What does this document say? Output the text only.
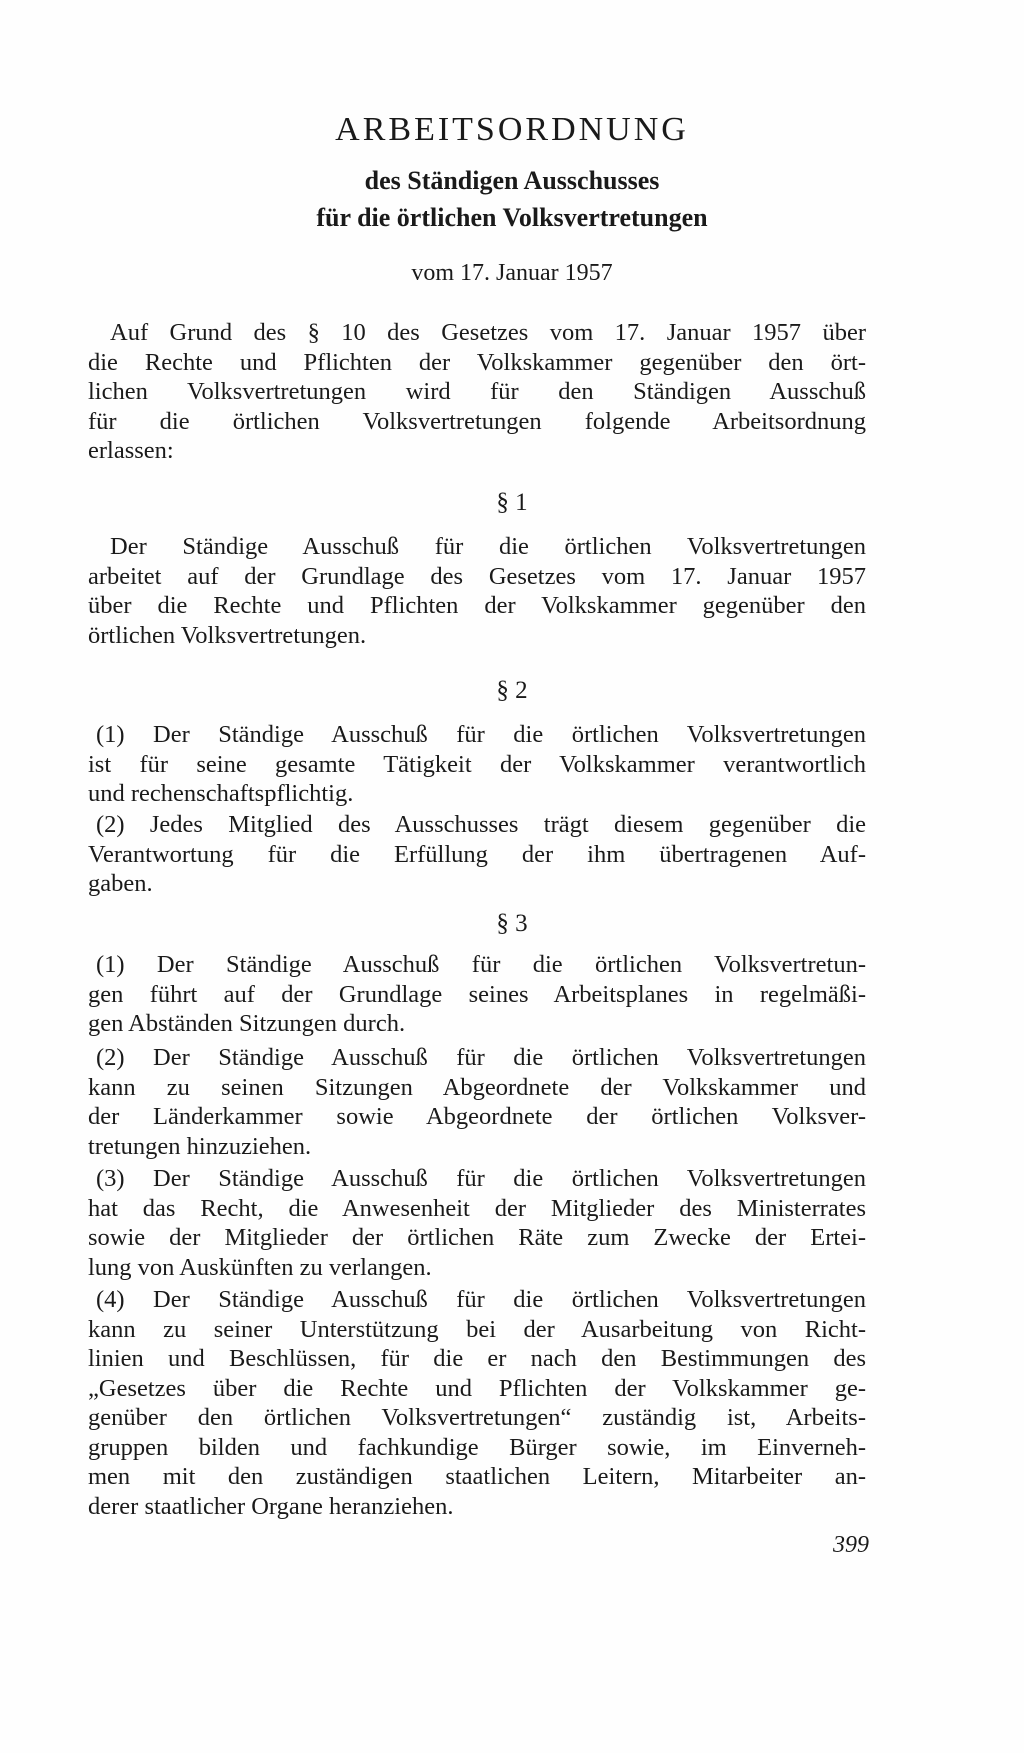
ARBEITSORDNUNG
des Ständigen Ausschusses
für die örtlichen Volksvertretungen
vom 17. Januar 1957
Auf Grund des § 10 des Gesetzes vom 17. Januar 1957 über
die Rechte und Pflichten der Volkskammer gegenüber den ört-
lichen Volksvertretungen wird für den Ständigen Ausschuß
für die örtlichen Volksvertretungen folgende Arbeitsordnung
erlassen:
§ 1
Der Ständige Ausschuß für die örtlichen Volksvertretungen
arbeitet auf der Grundlage des Gesetzes vom 17. Januar 1957
über die Rechte und Pflichten der Volkskammer gegenüber den
örtlichen Volksvertretungen.
§ 2
(1) Der Ständige Ausschuß für die örtlichen Volksvertretungen
ist für seine gesamte Tätigkeit der Volkskammer verantwortlich
und rechenschaftspflichtig.
(2) Jedes Mitglied des Ausschusses trägt diesem gegenüber die
Verantwortung für die Erfüllung der ihm übertragenen Auf-
gaben.
§ 3
(1) Der Ständige Ausschuß für die örtlichen Volksvertretun-
gen führt auf der Grundlage seines Arbeitsplanes in regelmäßi-
gen Abständen Sitzungen durch.
(2) Der Ständige Ausschuß für die örtlichen Volksvertretungen
kann zu seinen Sitzungen Abgeordnete der Volkskammer und
der Länderkammer sowie Abgeordnete der örtlichen Volksver-
tretungen hinzuziehen.
(3) Der Ständige Ausschuß für die örtlichen Volksvertretungen
hat das Recht, die Anwesenheit der Mitglieder des Ministerrates
sowie der Mitglieder der örtlichen Räte zum Zwecke der Ertei-
lung von Auskünften zu verlangen.
(4) Der Ständige Ausschuß für die örtlichen Volksvertretungen
kann zu seiner Unterstützung bei der Ausarbeitung von Richt-
linien und Beschlüssen, für die er nach den Bestimmungen des
„Gesetzes über die Rechte und Pflichten der Volkskammer ge-
genüber den örtlichen Volksvertretungen“ zuständig ist, Arbeits-
gruppen bilden und fachkundige Bürger sowie, im Einverneh-
men mit den zuständigen staatlichen Leitern, Mitarbeiter an-
derer staatlicher Organe heranziehen.
399
